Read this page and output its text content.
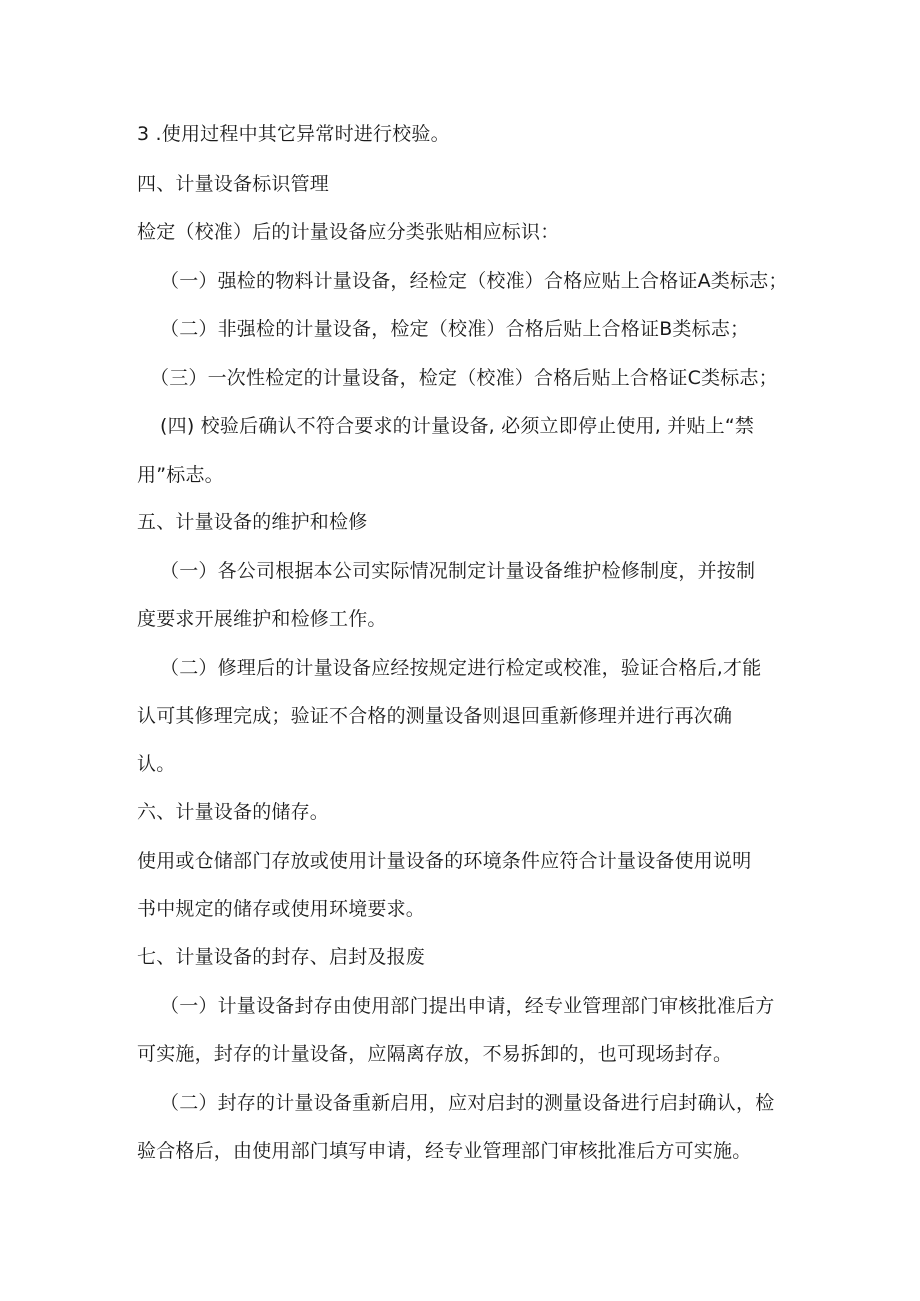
3 .使用过程中其它异常时进行校验。
四、计量设备标识管理
检定（校准）后的计量设备应分类张贴相应标识：
（一）强检的物料计量设备，经检定（校准）合格应贴上合格证A类标志；
（二）非强检的计量设备，检定（校准）合格后贴上合格证B类标志；
（三）一次性检定的计量设备，检定（校准）合格后贴上合格证C类标志；
(四) 校验后确认不符合要求的计量设备, 必须立即停止使用, 并贴上“禁
用”标志。
五、计量设备的维护和检修
（一）各公司根据本公司实际情况制定计量设备维护检修制度，并按制
度要求开展维护和检修工作。
（二）修理后的计量设备应经按规定进行检定或校准，验证合格后,才能
认可其修理完成；验证不合格的测量设备则退回重新修理并进行再次确
认。
六、计量设备的储存。
使用或仓储部门存放或使用计量设备的环境条件应符合计量设备使用说明
书中规定的储存或使用环境要求。
七、计量设备的封存、启封及报废
（一）计量设备封存由使用部门提出申请，经专业管理部门审核批准后方
可实施，封存的计量设备，应隔离存放，不易拆卸的，也可现场封存。
（二）封存的计量设备重新启用，应对启封的测量设备进行启封确认，检
验合格后，由使用部门填写申请，经专业管理部门审核批准后方可实施。
